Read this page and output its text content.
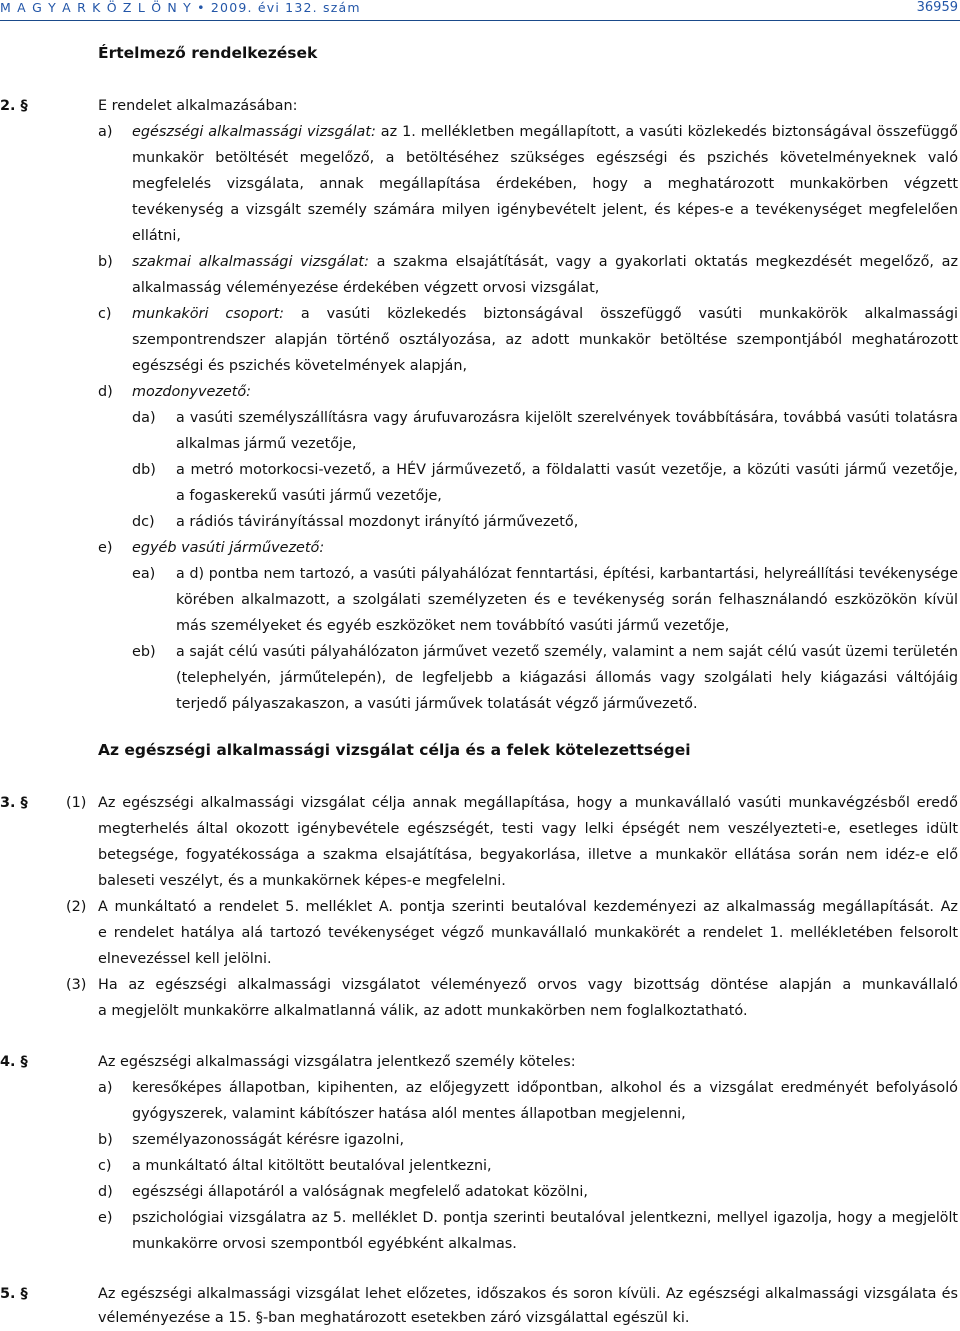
M A G Y A R K Ö Z L Ö N Y • 2009. évi 132. szám	36959
Értelmező rendelkezések
2. §	E rendelet alkalmazásában:
a) egészségi alkalmassági vizsgálat: az 1. mellékletben megállapított, a vasúti közlekedés biztonságával összefüggő
munkakör betöltését megelőző, a betöltéséhez szükséges egészségi és pszichés követelményeknek való
megfelelés vizsgálata, annak megállapítása érdekében, hogy a meghatározott munkakörben végzett
tevékenység a vizsgált személy számára milyen igénybevételt jelent, és képes-e a tevékenységet megfelelően
ellátni,
b) szakmai alkalmassági vizsgálat: a szakma elsajátítását, vagy a gyakorlati oktatás megkezdését megelőző, az
alkalmasság véleményezése érdekében végzett orvosi vizsgálat,
c) munkaköri csoport: a vasúti közlekedés biztonságával összefüggő vasúti munkakörök alkalmassági
szempontrendszer alapján történő osztályozása, az adott munkakör betöltése szempontjából meghatározott
egészségi és pszichés követelmények alapján,
d) mozdonyvezető:
da) a vasúti személyszállításra vagy árufuvarozásra kijelölt szerelvények továbbítására, továbbá vasúti tolatásra
alkalmas jármű vezetője,
db) a metró motorkocsi-vezető, a HÉV járművezető, a földalatti vasút vezetője, a közúti vasúti jármű vezetője,
a fogaskerekű vasúti jármű vezetője,
dc) a rádiós távirányítással mozdonyt irányító járművezető,
e) egyéb vasúti járművezető:
ea) a d) pontba nem tartozó, a vasúti pályahálózat fenntartási, építési, karbantartási, helyreállítási tevékenysége
körében alkalmazott, a szolgálati személyzeten és e tevékenység során felhasználandó eszközökön kívül
más személyeket és egyéb eszközöket nem továbbító vasúti jármű vezetője,
eb) a saját célú vasúti pályahálózaton járművet vezető személy, valamint a nem saját célú vasút üzemi területén
(telephelyén, járműtelepén), de legfeljebb a kiágazási állomás vagy szolgálati hely kiágazási váltójáig
terjedő pályaszakaszon, a vasúti járművek tolatását végző járművezető.
Az egészségi alkalmassági vizsgálat célja és a felek kötelezettségei
3. §	(1) Az egészségi alkalmassági vizsgálat célja annak megállapítása, hogy a munkavállaló vasúti munkavégzésből eredő
megterhelés által okozott igénybevétele egészségét, testi vagy lelki épségét nem veszélyezteti-e, esetleges idült
betegsége, fogyatékossága a szakma elsajátítása, begyakorlása, illetve a munkakör ellátása során nem idéz-e elő
baleseti veszélyt, és a munkakörnek képes-e megfelelni.
(2) A munkáltató a rendelet 5. melléklet A. pontja szerinti beutalóval kezdeményezi az alkalmasság megállapítását. Az
e rendelet hatálya alá tartozó tevékenységet végző munkavállaló munkakörét a rendelet 1. mellékletében felsorolt
elnevezéssel kell jelölni.
(3) Ha az egészségi alkalmassági vizsgálatot véleményező orvos vagy bizottság döntése alapján a munkavállaló
a megjelölt munkakörre alkalmatlanná válik, az adott munkakörben nem foglalkoztatható.
4. §	Az egészségi alkalmassági vizsgálatra jelentkező személy köteles:
a) keresőképes állapotban, kipihenten, az előjegyzett időpontban, alkohol és a vizsgálat eredményét befolyásoló
gyógyszerek, valamint kábítószer hatása alól mentes állapotban megjelenni,
b) személyazonosságát kérésre igazolni,
c) a munkáltató által kitöltött beutalóval jelentkezni,
d) egészségi állapotáról a valóságnak megfelelő adatokat közölni,
e) pszichológiai vizsgálatra az 5. melléklet D. pontja szerinti beutalóval jelentkezni, mellyel igazolja, hogy a megjelölt
munkakörre orvosi szempontból egyébként alkalmas.
5. §	Az egészségi alkalmassági vizsgálat lehet előzetes, időszakos és soron kívüli. Az egészségi alkalmassági vizsgálata és
véleményezése a 15. §-ban meghatározott esetekben záró vizsgálattal egészül ki.
